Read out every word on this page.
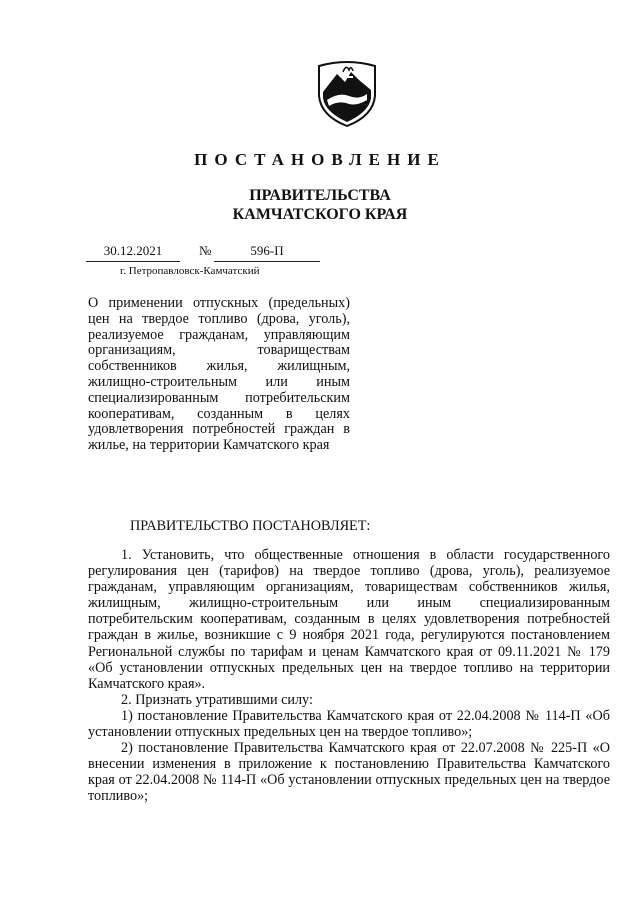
ПОСТАНОВЛЕНИЕ
ПРАВИТЕЛЬСТВА
КАМЧАТСКОГО КРАЯ
30.12.2021	№	596-П
г. Петропавловск-Камчатский
О применении отпускных (предельных) цен на твердое топливо (дрова, уголь), реализуемое гражданам, управляющим организациям, товариществам собственников жилья, жилищным, жилищно-строительным или иным специализированным потребительским кооперативам, созданным в целях удовлетворения потребностей граждан в жилье, на территории Камчатского края
ПРАВИТЕЛЬСТВО ПОСТАНОВЛЯЕТ:

1. Установить, что общественные отношения в области государственного регулирования цен (тарифов) на твердое топливо (дрова, уголь), реализуемое гражданам, управляющим организациям, товариществам собственников жилья, жилищным, жилищно-строительным или иным специализированным потребительским кооперативам, созданным в целях удовлетворения потребностей граждан в жилье, возникшие с 9 ноября 2021 года, регулируются постановлением Региональной службы по тарифам и ценам Камчатского края от 09.11.2021 № 179 «Об установлении отпускных предельных цен на твердое топливо на территории Камчатского края».

2. Признать утратившими силу:

1) постановление Правительства Камчатского края от 22.04.2008 № 114-П «Об установлении отпускных предельных цен на твердое топливо»;

2) постановление Правительства Камчатского края от 22.07.2008 № 225-П «О внесении изменения в приложение к постановлению Правительства Камчатского края от 22.04.2008 № 114-П «Об установлении отпускных предельных цен на твердое топливо»;
